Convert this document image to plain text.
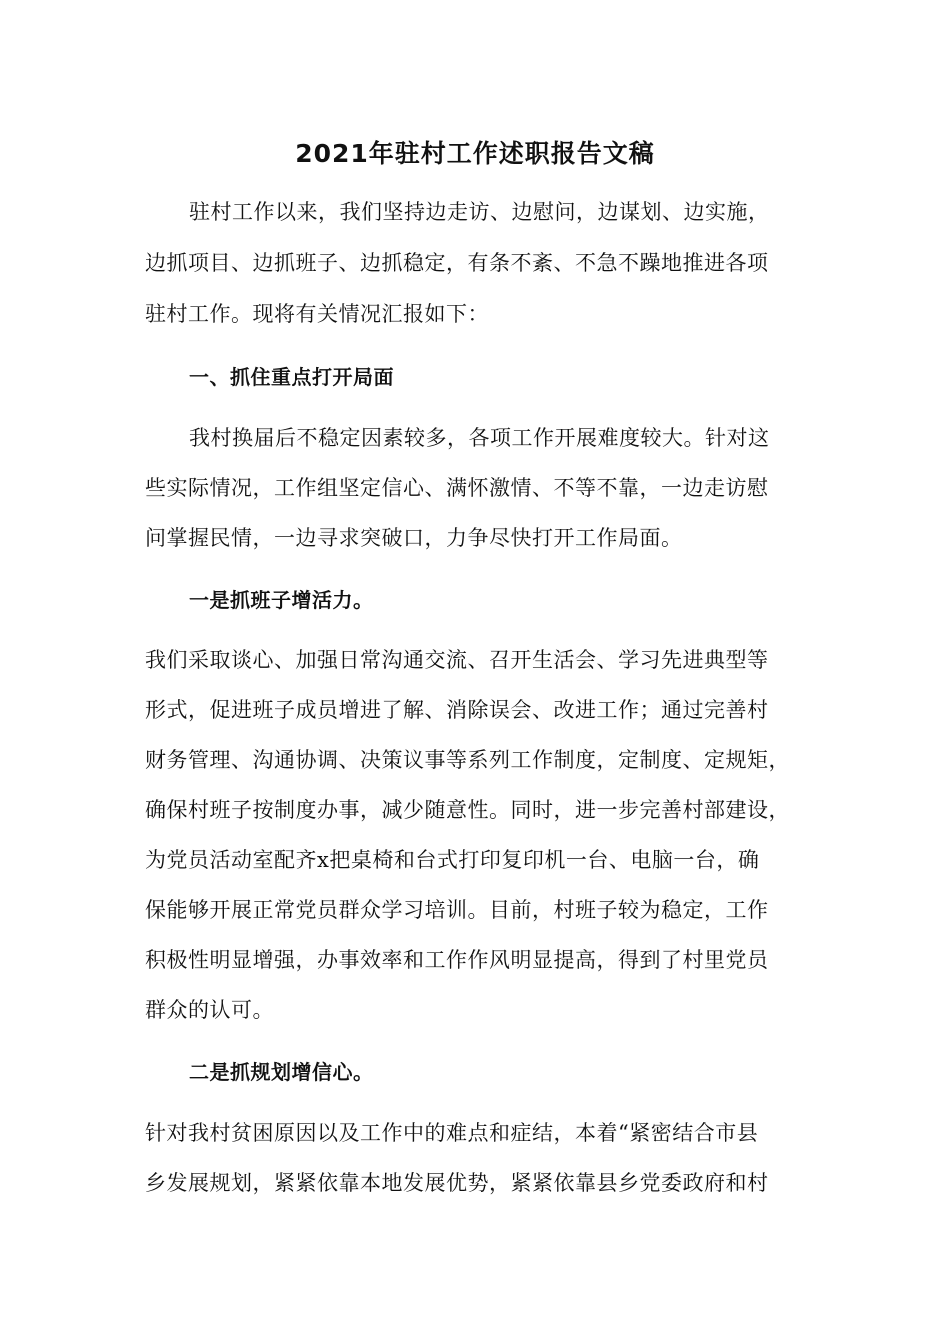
2021年驻村工作述职报告文稿
驻村工作以来，我们坚持边走访、边慰问，边谋划、边实施，
边抓项目、边抓班子、边抓稳定，有条不紊、不急不躁地推进各项
驻村工作。现将有关情况汇报如下：
一、抓住重点打开局面
我村换届后不稳定因素较多，各项工作开展难度较大。针对这
些实际情况，工作组坚定信心、满怀激情、不等不靠，一边走访慰
问掌握民情，一边寻求突破口，力争尽快打开工作局面。
一是抓班子增活力。
我们采取谈心、加强日常沟通交流、召开生活会、学习先进典型等
形式，促进班子成员增进了解、消除误会、改进工作；通过完善村
财务管理、沟通协调、决策议事等系列工作制度，定制度、定规矩，
确保村班子按制度办事，减少随意性。同时，进一步完善村部建设，
为党员活动室配齐x把桌椅和台式打印复印机一台、电脑一台，确
保能够开展正常党员群众学习培训。目前，村班子较为稳定，工作
积极性明显增强，办事效率和工作作风明显提高，得到了村里党员
群众的认可。
二是抓规划增信心。
针对我村贫困原因以及工作中的难点和症结，本着“紧密结合市县
乡发展规划，紧紧依靠本地发展优势，紧紧依靠县乡党委政府和村
